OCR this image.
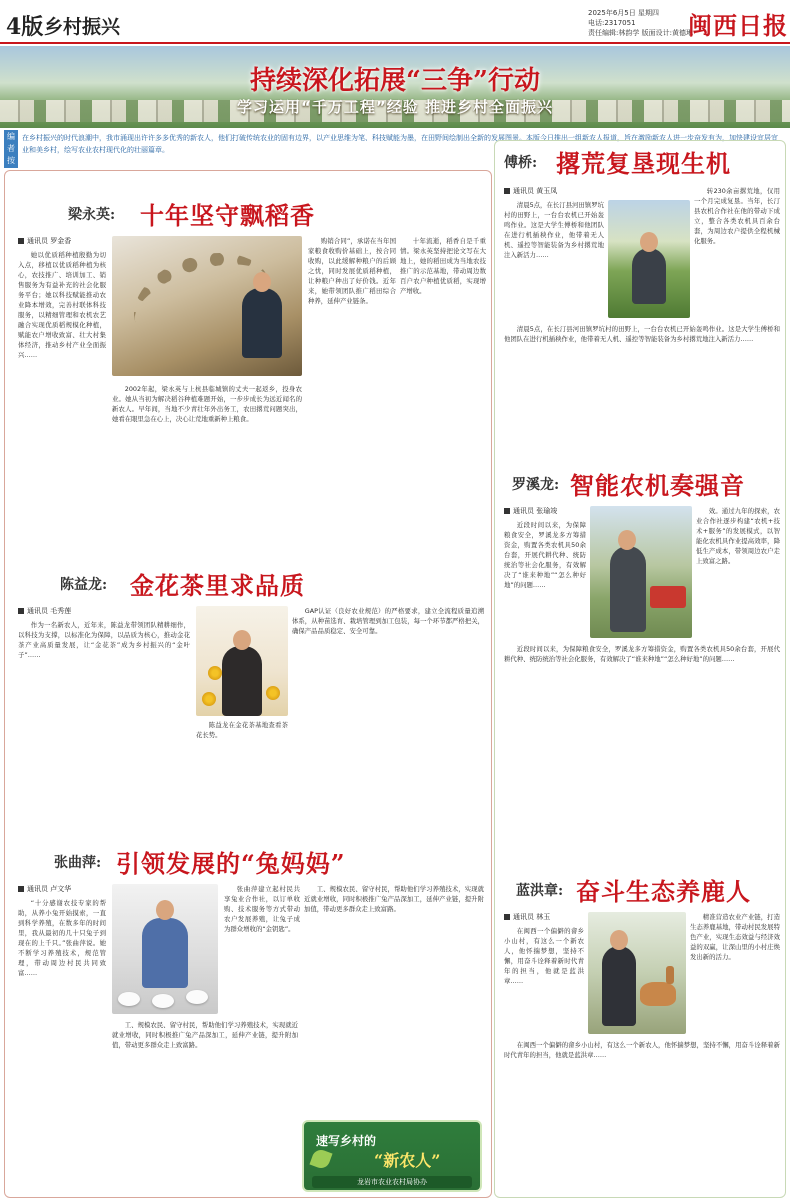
4版 乡村振兴
2025年6月5日 星期四
电话:2317051
责任编辑:林韵学 版面设计:黄德琳
闽西日报
持续深化拓展“三争”行动
学习运用“千万工程”经验 推进乡村全面振兴
编者按
在乡村振兴的时代浪潮中，我市涌现出许许多多优秀的新农人，他们打破传统农业的固有边界，以产业思维为笔、科技赋能为墨，在田野间绘制出全新的发展图景。本版今日推出一组新农人报道，旨在激励新农人进一步奋发有为，加快建设宜居宜业和美乡村，绘写农业农村现代化的壮丽篇章。
梁永英: 十年坚守飘稻香
通讯员 罗金香

她以优质稻种植殷勤为切入点，移植以优质稻种植为核心，农技推广、培训加工、销售服务为有益补充的社会化服务平台；她以科技赋能推动农业降本增效，完善村联体科技服务，以精细管理和农机农艺融合实现优质稻规模化种植，赋能农户增收致富、壮大村集体经济，推动乡村产业全面振兴……

2002年起，梁永英与上杭县临城镇的丈夫一起返乡，投身农业。她从当初为解决稻谷种植难题开始，一步步成长为远近闻名的新农人。早年间，当地不少青壮年外出务工，农田撂荒问题突出，她看在眼里急在心上，决心让荒地重新种上粮食。

购销合同”，承诺在当年国家粮食收购价基础上，按合同收购，以此缓解种粮户的后顾之忧，同时发展优质稻种植，让种粮户种出了好价钱。近年来，她带领团队推广稻田综合种养，延伸产业链条。

十年流逝，稻香自是千重情。梁永英坚持把论文写在大地上，她的稻田成为当地农技推广的示范基地，带动周边数百户农户种植优质稻，实现增产增收。

陈益龙: 金花茶里求品质
通讯员 毛秀莲

作为一名新农人，近年来，陈益龙带领团队精耕细作，以科技为支撑，以标准化为保障，以品质为核心，推动金花茶产业高质量发展，让“金花茶”成为乡村振兴的“金叶子”……

陈益龙在金花茶基地查看茶花长势。

GAP认证（良好农业规范）的严格要求，建立全流程质量追溯体系，从种苗选育、栽培管理到加工包装，每一个环节都严格把关，确保产品品质稳定、安全可靠。

张曲萍: 引领发展的“兔妈妈”
通讯员 卢文华

“十分感谢农技专家的帮助，从养小兔开始摸索，一直到科学养殖，在数多年的时间里，我从最初的几十只兔子到现在的上千只。”张曲萍说。她不断学习养殖技术，规范管理，带动周边村民共同致富……

工、规模农民、留守村民，帮助他们学习养殖技术，实现就近就业增收，同时积极推广兔产品深加工，延伸产业链，提升附加值，带动更多群众走上致富路。

张曲萍建立起村民共享兔业合作社，以订单收购、技术服务等方式带动农户发展养殖，让兔子成为群众增收的“金钥匙”。

工、规模农民、留守村民，帮助他们学习养殖技术，实现就近就业增收，同时积极推广兔产品深加工，延伸产业链，提升附加值，带动更多群众走上致富路。

速写乡村的
“新农人”
龙岩市农业农村局协办
傅桥: 撂荒复垦现生机
通讯员 黄玉凤

清晨5点，在长汀县河田镇罗坑村的田野上，一台台农机已开始轰鸣作业。这是大学生傅桥和他团队在进行机插秧作业，他带着无人机、遥控等智能装备为乡村撂荒地注入新活力……

转230余亩撂荒地，仅用一个月完成复垦。当年，长汀县农机合作社在他的带动下成立，整合各类农机具百余台套，为周边农户提供全程机械化服务。

清晨5点，在长汀县河田镇罗坑村的田野上，一台台农机已开始轰鸣作业。这是大学生傅桥和他团队在进行机插秧作业，他带着无人机、遥控等智能装备为乡村撂荒地注入新活力……

罗溪龙: 智能农机奏强音
通讯员 张瑜竣

近段时间以来，为保障粮食安全，罗溪龙多方筹措资金，购置各类农机具50余台套，开展代耕代种、统防统治等社会化服务，有效解决了“谁来种地”“怎么种好地”的问题……

效。通过九年的探索，农业合作社逐步构建“农机+技术+服务”的发展模式，以智能化农机具作业提高效率，降低生产成本，带领周边农户走上致富之路。

近段时间以来，为保障粮食安全，罗溪龙多方筹措资金，购置各类农机具50余台套，开展代耕代种、统防统治等社会化服务，有效解决了“谁来种地”“怎么种好地”的问题……

蓝洪章: 奋斗生态养鹿人
通讯员 林玉

在闽西一个偏僻的畲乡小山村，有这么一个新农人，他怀揣梦想，坚持不懈，用奋斗诠释着新时代青年的担当，他就是蓝洪章……

精准营造农业产业链，打造生态养鹿基地，带动村民发展特色产业，实现生态效益与经济效益的双赢，让深山里的小村庄焕发出新的活力。

在闽西一个偏僻的畲乡小山村，有这么一个新农人，他怀揣梦想，坚持不懈，用奋斗诠释着新时代青年的担当，他就是蓝洪章……
